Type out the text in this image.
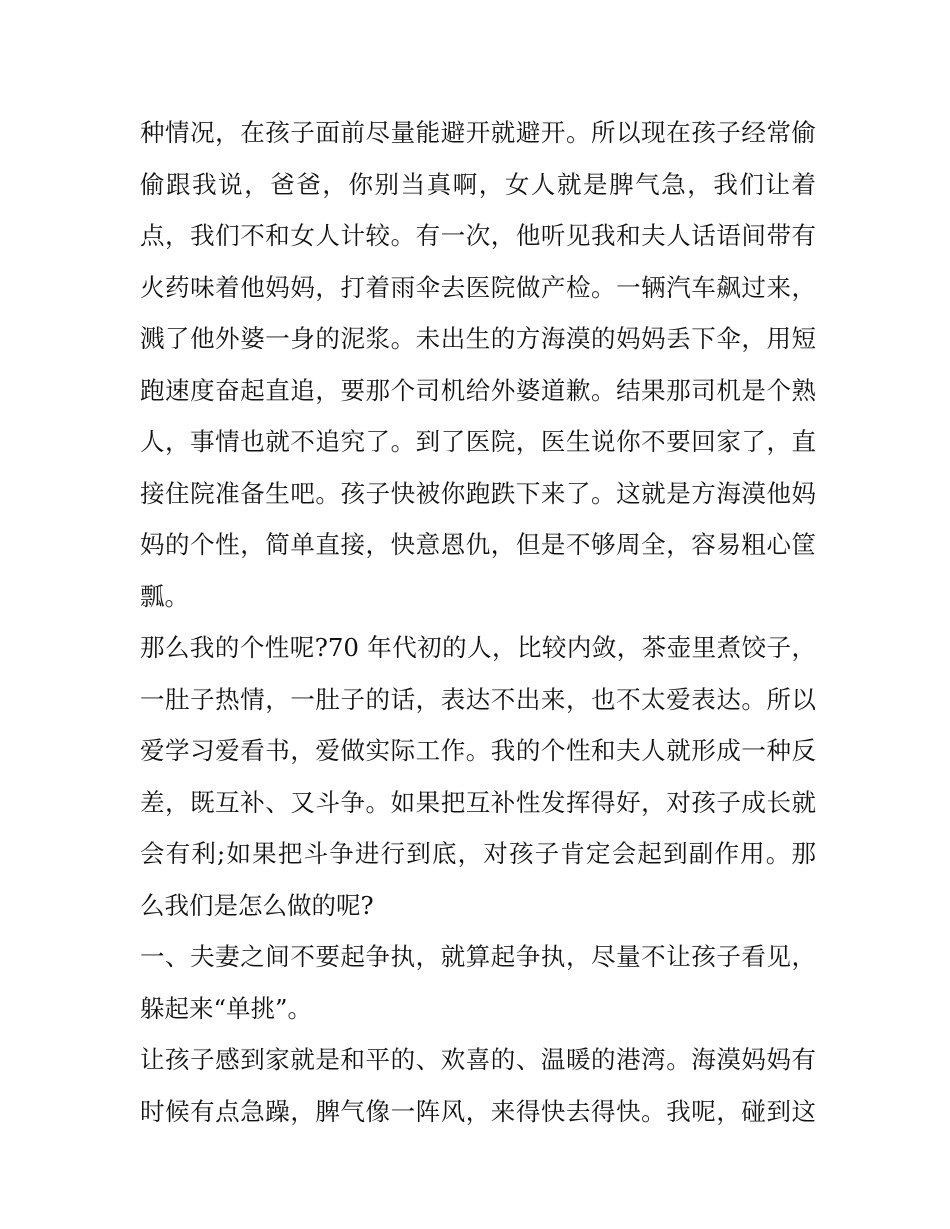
种情况，在孩子面前尽量能避开就避开。所以现在孩子经常偷
偷跟我说，爸爸，你别当真啊，女人就是脾气急，我们让着
点，我们不和女人计较。有一次，他听见我和夫人话语间带有
火药味着他妈妈，打着雨伞去医院做产检。一辆汽车飙过来，
溅了他外婆一身的泥浆。未出生的方海漠的妈妈丢下伞，用短
跑速度奋起直追，要那个司机给外婆道歉。结果那司机是个熟
人，事情也就不追究了。到了医院，医生说你不要回家了，直
接住院准备生吧。孩子快被你跑跌下来了。这就是方海漠他妈
妈的个性，简单直接，快意恩仇，但是不够周全，容易粗心筐
瓢。
那么我的个性呢?70 年代初的人，比较内敛，茶壶里煮饺子，
一肚子热情，一肚子的话，表达不出来，也不太爱表达。所以
爱学习爱看书，爱做实际工作。我的个性和夫人就形成一种反
差，既互补、又斗争。如果把互补性发挥得好，对孩子成长就
会有利;如果把斗争进行到底，对孩子肯定会起到副作用。那
么我们是怎么做的呢?
一、夫妻之间不要起争执，就算起争执，尽量不让孩子看见，
躲起来“单挑”。
让孩子感到家就是和平的、欢喜的、温暖的港湾。海漠妈妈有
时候有点急躁，脾气像一阵风，来得快去得快。我呢，碰到这
